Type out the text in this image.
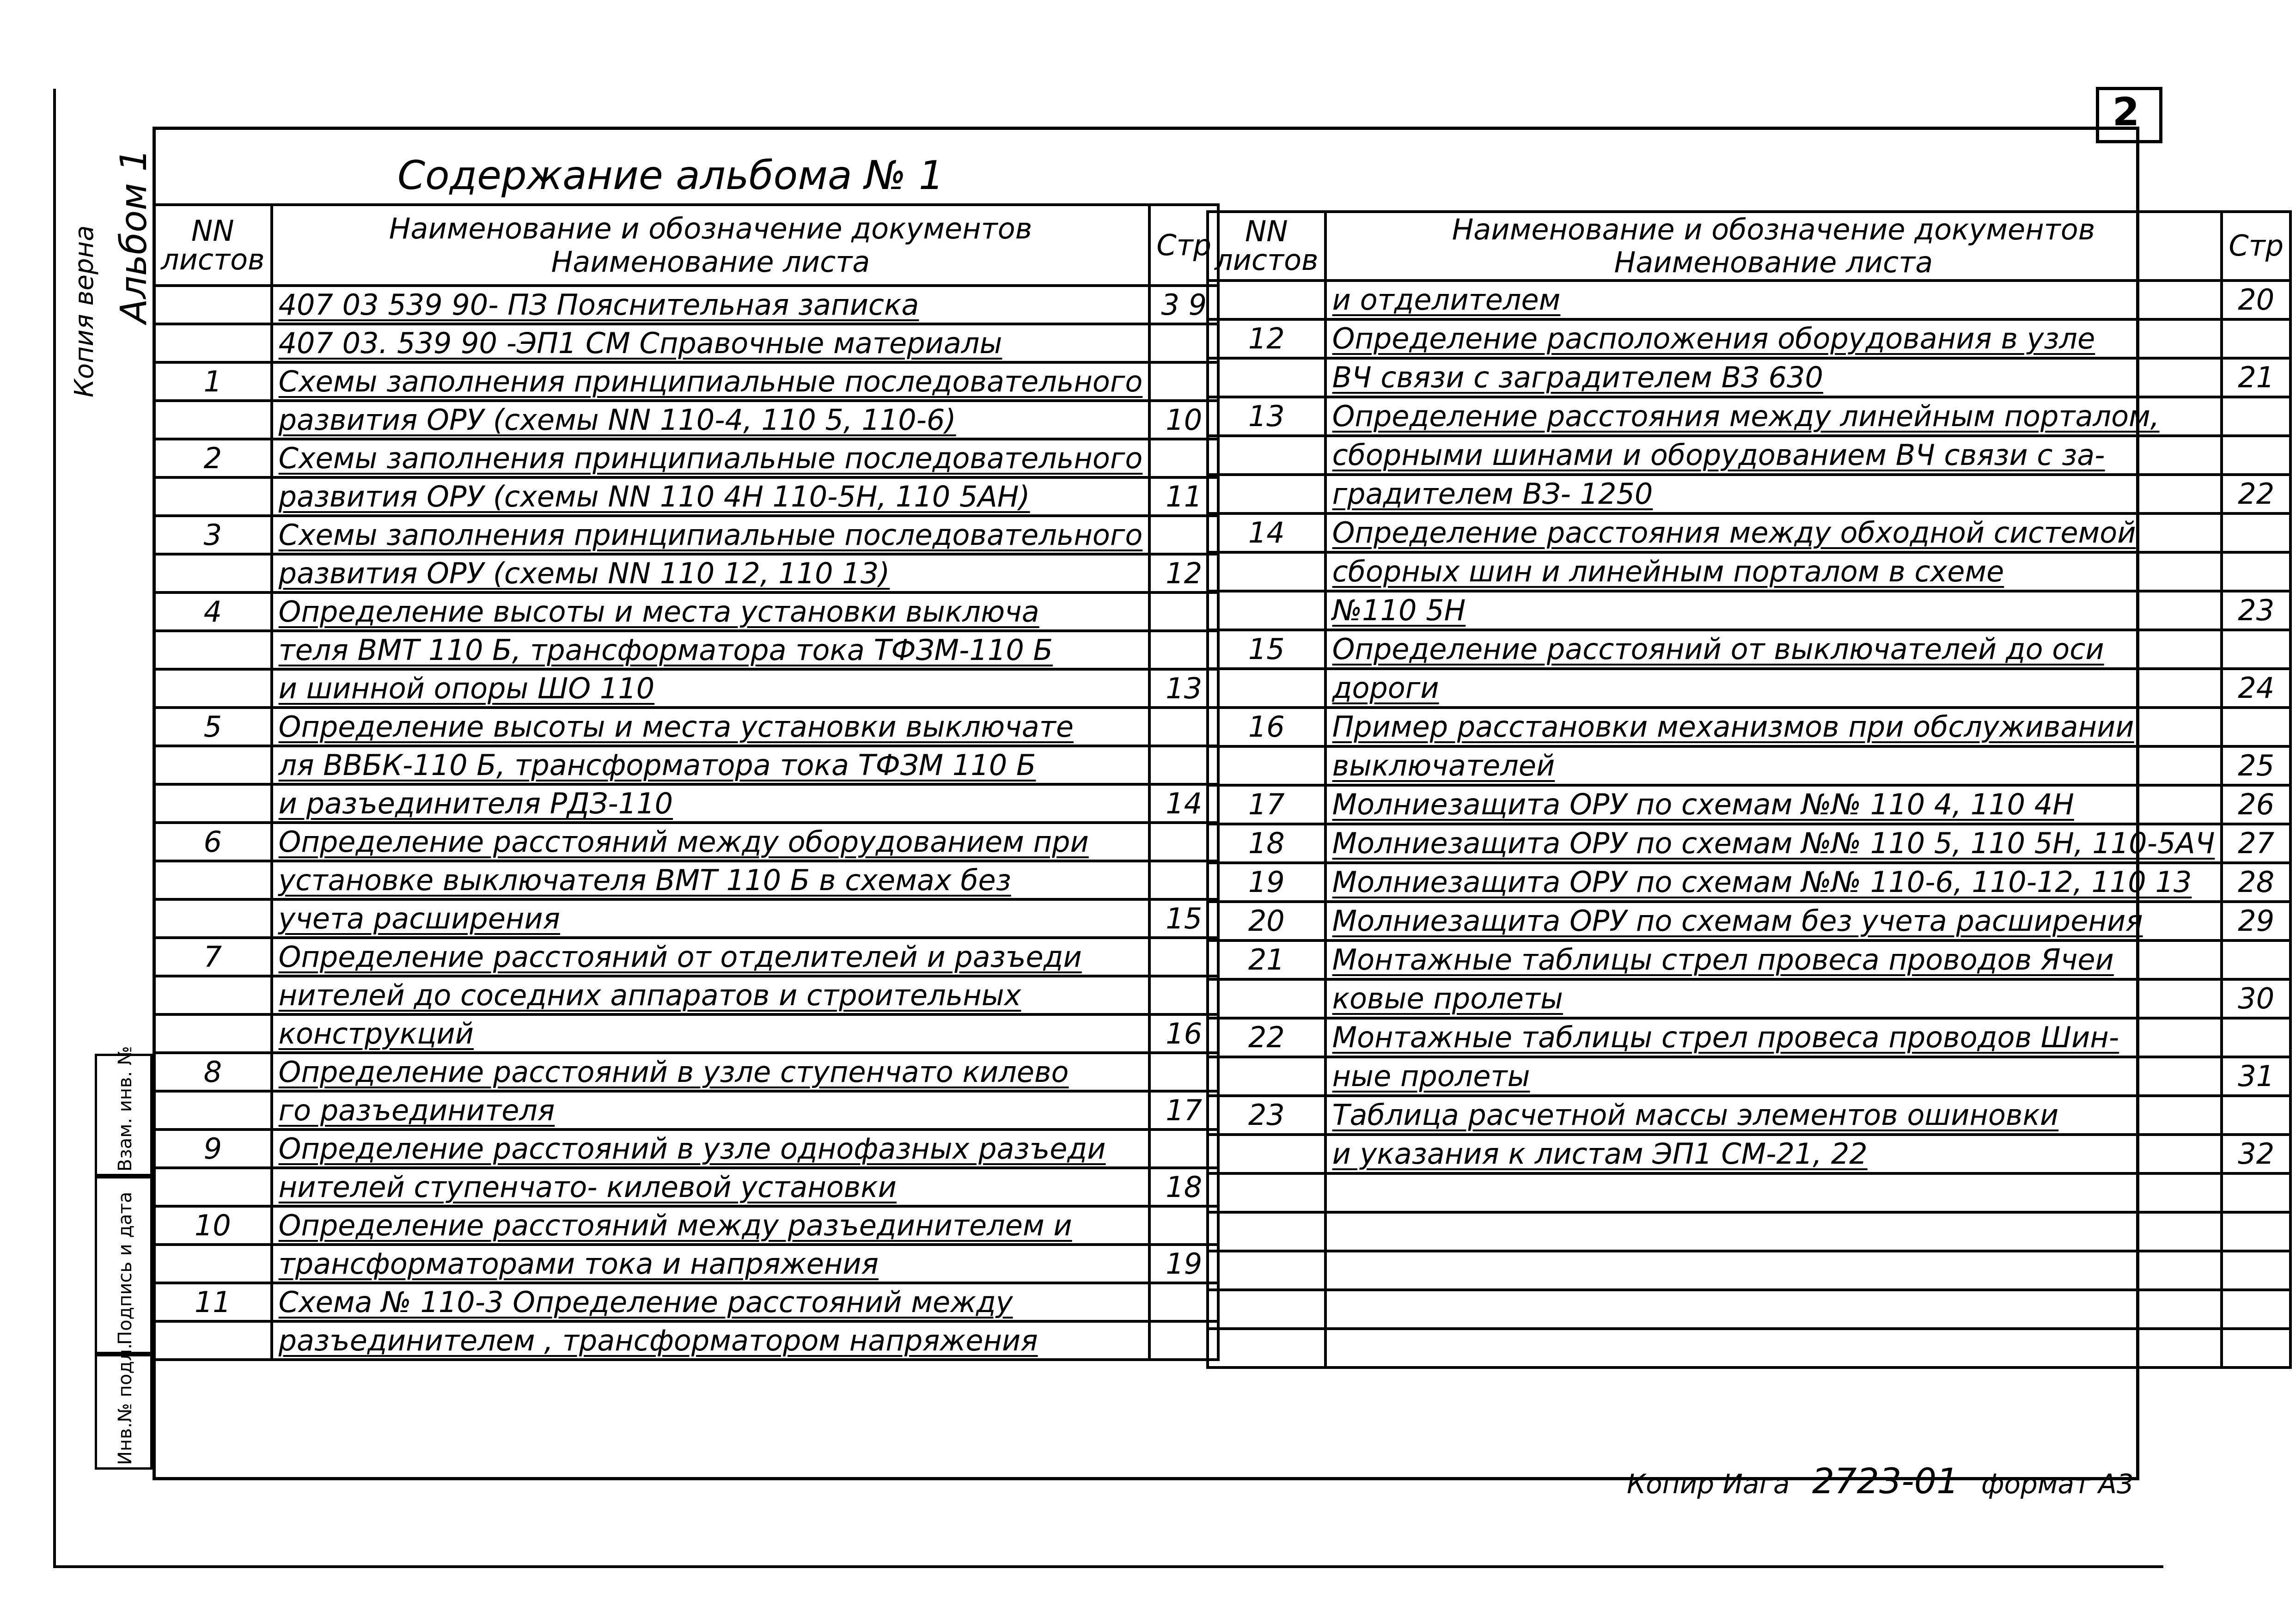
2
Копия верна Альбом 1	Содержание альбома № 1
NN листов	Наименование и обозначение документов
Наименование листа	Стр
	407 03 539 90- ПЗ Пояснительная записка	3 9
	407 03. 539 90 -ЭП1 СМ Справочные материалы	
1	Схемы заполнения принципиальные последовательного	
	развития ОРУ (схемы NN 110-4, 110 5, 110-6)	10
2	Схемы заполнения принципиальные последовательного	
	развития ОРУ (схемы NN 110 4Н 110-5Н, 110 5АН)	11
3	Схемы заполнения принципиальные последовательного	
	развития ОРУ (схемы NN 110 12, 110 13)	12
4	Определение высоты и места установки выключа	
	теля ВМТ 110 Б, трансформатора тока ТФЗМ-110 Б	
	и шинной опоры ШО 110	13
5	Определение высоты и места установки выключате	
	ля ВВБК-110 Б, трансформатора тока ТФЗМ 110 Б	
	и разъединителя РДЗ-110	14
6	Определение расстояний между оборудованием при	
	установке выключателя ВМТ 110 Б в схемах без	
	учета расширения	15
7	Определение расстояний от отделителей и разъеди	
	нителей до соседних аппаратов и строительных	
	конструкций	16
8	Определение расстояний в узле ступенчато килево	
	го разъединителя	17
9	Определение расстояний в узле однофазных разъеди	
	нителей ступенчато- килевой установки	18
10	Определение расстояний между разъединителем и	
	трансформаторами тока и напряжения	19
11	Схема № 110-3 Определение расстояний между	
	разъединителем , трансформатором напряжения	
NN листов	Наименование и обозначение документов
Наименование листа	Стр
	и отделителем	20
12	Определение расположения оборудования в узле	
	ВЧ связи с заградителем ВЗ 630	21
13	Определение расстояния между линейным порталом,	
	сборными шинами и оборудованием ВЧ связи с за-	
	градителем ВЗ- 1250	22
14	Определение расстояния между обходной системой	
	сборных шин и линейным порталом в схеме	
	№110 5Н	23
15	Определение расстояний от выключателей до оси	
	дороги	24
16	Пример расстановки механизмов при обслуживании	
	выключателей	25
17	Молниезащита ОРУ по схемам №№ 110 4, 110 4Н	26
18	Молниезащита ОРУ по схемам №№ 110 5, 110 5Н, 110-5АЧ	27
19	Молниезащита ОРУ по схемам №№ 110-6, 110-12, 110 13	28
20	Молниезащита ОРУ по схемам без учета расширения	29
21	Монтажные таблицы стрел провеса проводов Ячеи	
	ковые пролеты	30
22	Монтажные таблицы стрел провеса проводов Шин-	
	ные пролеты	31
23	Таблица расчетной массы элементов ошиновки	
	и указания к листам ЭП1 СМ-21, 22	32

Взам. инв. №
Подпись и дата
Инв.№ подл.
Копир Иага 2723-01 формат А3
